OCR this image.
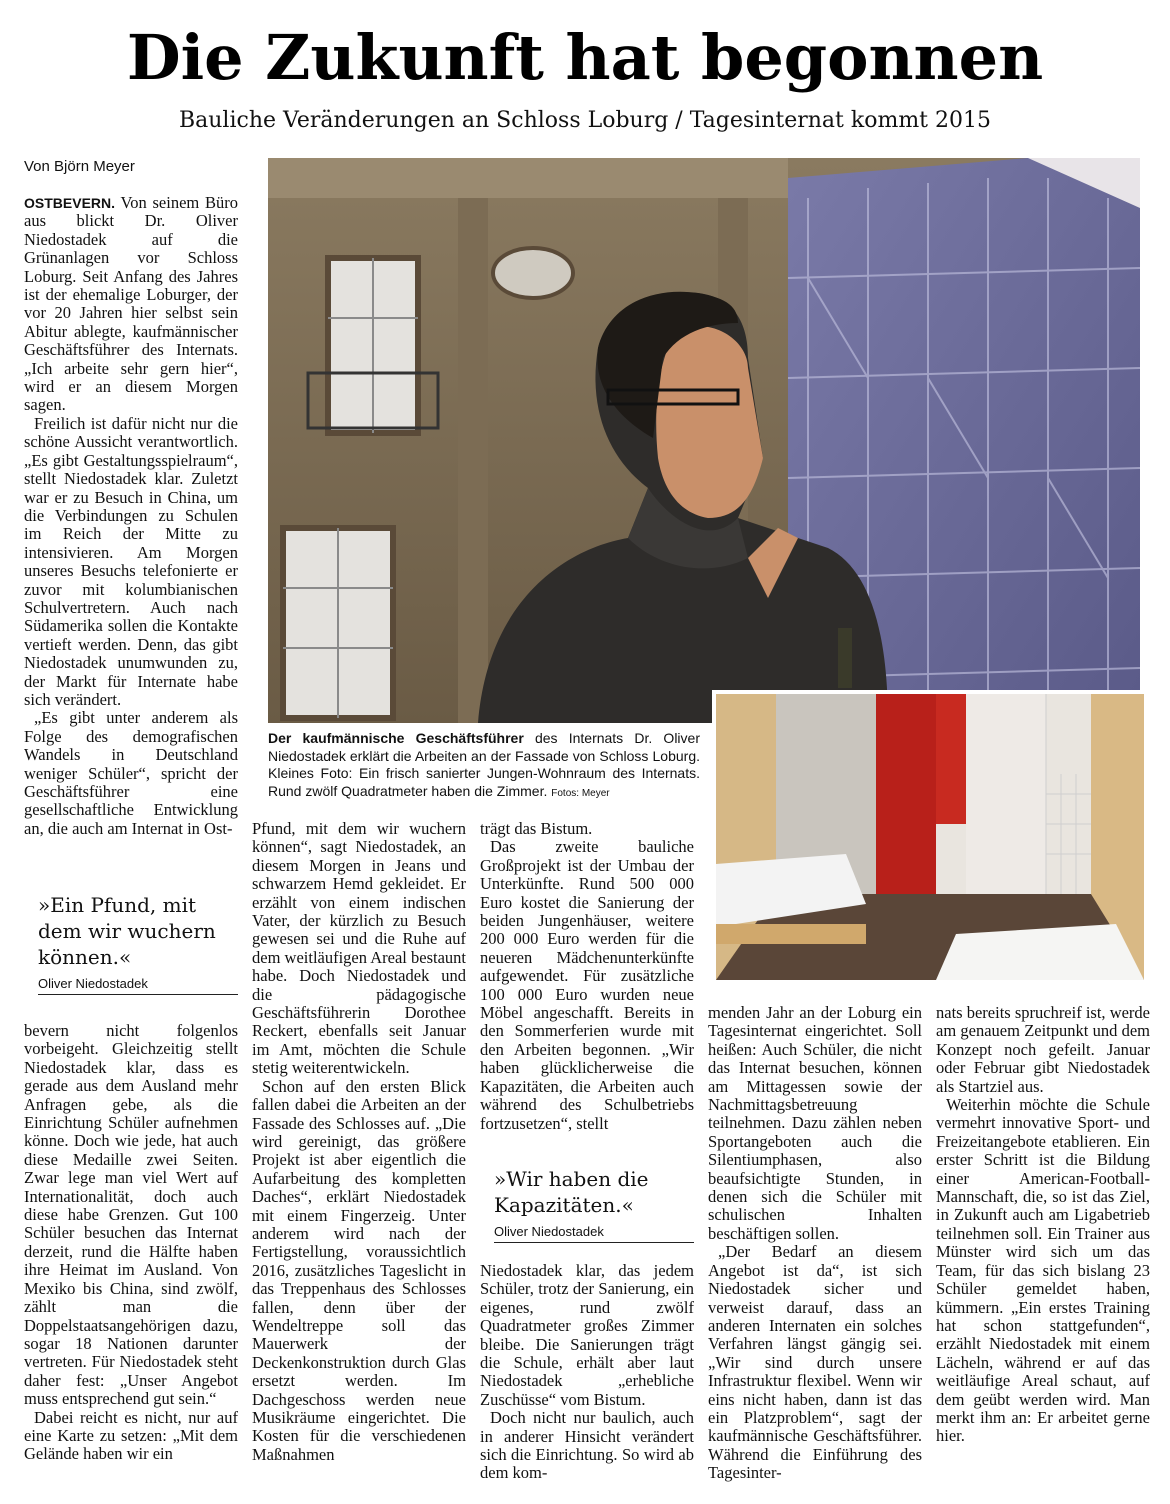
Die Zukunft hat begonnen
Bauliche Veränderungen an Schloss Loburg / Tagesinternat kommt 2015
Von Björn Meyer
Der kaufmännische Geschäftsführer des Internats Dr. Oliver Niedostadek erklärt die Arbeiten an der Fassade von Schloss Loburg. Kleines Foto: Ein frisch sanierter Jungen-Wohnraum des Internats. Rund zwölf Quadratmeter haben die Zimmer. Fotos: Meyer

OSTBEVERN. Von seinem Büro aus blickt Dr. Oliver Niedostadek auf die Grünanlagen vor Schloss Loburg. Seit Anfang des Jahres ist der ehemalige Loburger, der vor 20 Jahren hier selbst sein Abitur ablegte, kaufmännischer Geschäftsführer des Internats. „Ich arbeite sehr gern hier“, wird er an diesem Morgen sagen.

Freilich ist dafür nicht nur die schöne Aussicht verantwortlich. „Es gibt Gestaltungsspielraum“, stellt Niedostadek klar. Zuletzt war er zu Besuch in China, um die Verbindungen zu Schulen im Reich der Mitte zu intensivieren. Am Morgen unseres Besuchs telefonierte er zuvor mit kolumbianischen Schulvertretern. Auch nach Südamerika sollen die Kontakte vertieft werden. Denn, das gibt Niedostadek unumwunden zu, der Markt für Internate habe sich verändert.

„Es gibt unter anderem als Folge des demografischen Wandels in Deutschland weniger Schüler“, spricht der Geschäftsführer eine gesellschaftliche Entwicklung an, die auch am Internat in Ost-

»Ein Pfund, mit dem wir wuchern können.«
Oliver Niedostadek

bevern nicht folgenlos vorbeigeht. Gleichzeitig stellt Niedostadek klar, dass es gerade aus dem Ausland mehr Anfragen gebe, als die Einrichtung Schüler aufnehmen könne. Doch wie jede, hat auch diese Medaille zwei Seiten. Zwar lege man viel Wert auf Internationalität, doch auch diese habe Grenzen. Gut 100 Schüler besuchen das Internat derzeit, rund die Hälfte haben ihre Heimat im Ausland. Von Mexiko bis China, sind zwölf, zählt man die Doppelstaatsangehörigen dazu, sogar 18 Nationen darunter vertreten. Für Niedostadek steht daher fest: „Unser Angebot muss entsprechend gut sein.“

Dabei reicht es nicht, nur auf eine Karte zu setzen: „Mit dem Gelände haben wir ein

Pfund, mit dem wir wuchern können“, sagt Niedostadek, an diesem Morgen in Jeans und schwarzem Hemd gekleidet. Er erzählt von einem indischen Vater, der kürzlich zu Besuch gewesen sei und die Ruhe auf dem weitläufigen Areal bestaunt habe. Doch Niedostadek und die pädagogische Geschäftsführerin Dorothee Reckert, ebenfalls seit Januar im Amt, möchten die Schule stetig weiterentwickeln.

Schon auf den ersten Blick fallen dabei die Arbeiten an der Fassade des Schlosses auf. „Die wird gereinigt, das größere Projekt ist aber eigentlich die Aufarbeitung des kompletten Daches“, erklärt Niedostadek mit einem Fingerzeig. Unter anderem wird nach der Fertigstellung, voraussichtlich 2016, zusätzliches Tageslicht in das Treppenhaus des Schlosses fallen, denn über der Wendeltreppe soll das Mauerwerk der Deckenkonstruktion durch Glas ersetzt werden. Im Dachgeschoss werden neue Musikräume eingerichtet. Die Kosten für die verschiedenen Maßnahmen

trägt das Bistum.

Das zweite bauliche Großprojekt ist der Umbau der Unterkünfte. Rund 500 000 Euro kostet die Sanierung der beiden Jungenhäuser, weitere 200 000 Euro werden für die neueren Mädchenunterkünfte aufgewendet. Für zusätzliche 100 000 Euro wurden neue Möbel angeschafft. Bereits in den Sommerferien wurde mit den Arbeiten begonnen. „Wir haben glücklicherweise die Kapazitäten, die Arbeiten auch während des Schulbetriebs fortzusetzen“, stellt

»Wir haben die Kapazitäten.«
Oliver Niedostadek

Niedostadek klar, das jedem Schüler, trotz der Sanierung, ein eigenes, rund zwölf Quadratmeter großes Zimmer bleibe. Die Sanierungen trägt die Schule, erhält aber laut Niedostadek „erhebliche Zuschüsse“ vom Bistum.

Doch nicht nur baulich, auch in anderer Hinsicht verändert sich die Einrichtung. So wird ab dem kom-

menden Jahr an der Loburg ein Tagesinternat eingerichtet. Soll heißen: Auch Schüler, die nicht das Internat besuchen, können am Mittagessen sowie der Nachmittagsbetreuung teilnehmen. Dazu zählen neben Sportangeboten auch die Silentiumphasen, also beaufsichtigte Stunden, in denen sich die Schüler mit schulischen Inhalten beschäftigen sollen.

„Der Bedarf an diesem Angebot ist da“, ist sich Niedostadek sicher und verweist darauf, dass an anderen Internaten ein solches Verfahren längst gängig sei. „Wir sind durch unsere Infrastruktur flexibel. Wenn wir eins nicht haben, dann ist das ein Platzproblem“, sagt der kaufmännische Geschäftsführer. Während die Einführung des Tagesinter-

nats bereits spruchreif ist, werde am genauem Zeitpunkt und dem Konzept noch gefeilt. Januar oder Februar gibt Niedostadek als Startziel aus.

Weiterhin möchte die Schule vermehrt innovative Sport- und Freizeitangebote etablieren. Ein erster Schritt ist die Bildung einer American-Football-Mannschaft, die, so ist das Ziel, in Zukunft auch am Ligabetrieb teilnehmen soll. Ein Trainer aus Münster wird sich um das Team, für das sich bislang 23 Schüler gemeldet haben, kümmern. „Ein erstes Training hat schon stattgefunden“, erzählt Niedostadek mit einem Lächeln, während er auf das weitläufige Areal schaut, auf dem geübt werden wird. Man merkt ihm an: Er arbeitet gerne hier.
